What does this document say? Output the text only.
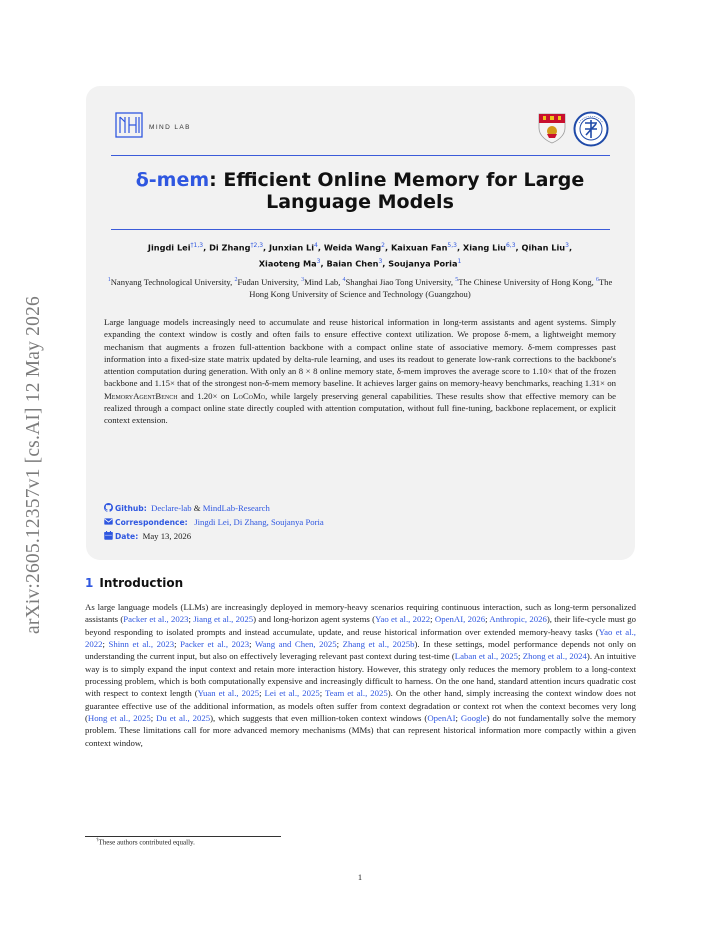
arXiv:2605.12357v1 [cs.AI] 12 May 2026
MIND LAB
δ-mem: Efficient Online Memory for Large Language Models
Jingdi Lei$^{\dagger 1,3}$, Di Zhang$^{\dagger 2,3}$, Junxian Li$^4$, Weida Wang$^2$, Kaixuan Fan$^{5,3}$, Xiang Liu$^{6,3}$, Qihan Liu$^3$,
Xiaoteng Ma$^3$, Baian Chen$^3$, Soujanya Poria$^1$
$^1$Nanyang Technological University, $^2$Fudan University, $^3$Mind Lab, $^4$Shanghai Jiao Tong University, $^5$The Chinese University of Hong Kong, $^6$The Hong Kong University of Science and Technology (Guangzhou)
Large language models increasingly need to accumulate and reuse historical information in long-term assistants and agent systems. Simply expanding the context window is costly and often fails to ensure effective context utilization. We propose δ-mem, a lightweight memory mechanism that augments a frozen full-attention backbone with a compact online state of associative memory. δ-mem compresses past information into a fixed-size state matrix updated by delta-rule learning, and uses its readout to generate low-rank corrections to the backbone's attention computation during generation. With only an 8 × 8 online memory state, δ-mem improves the average score to 1.10× that of the frozen backbone and 1.15× that of the strongest non-δ-mem memory baseline. It achieves larger gains on memory-heavy benchmarks, reaching 1.31× on MemoryAgentBench and 1.20× on LoCoMo, while largely preserving general capabilities. These results show that effective memory can be realized through a compact online state directly coupled with attention computation, without full fine-tuning, backbone replacement, or explicit context extension.
Github: Declare-lab & MindLab-Research
Correspondence: Jingdi Lei, Di Zhang, Soujanya Poria
Date: May 13, 2026
1 Introduction
As large language models (LLMs) are increasingly deployed in memory-heavy scenarios requiring continuous interaction, such as long-term personalized assistants (Packer et al., 2023; Jiang et al., 2025) and long-horizon agent systems (Yao et al., 2022; OpenAI, 2026; Anthropic, 2026), their life-cycle must go beyond responding to isolated prompts and instead accumulate, update, and reuse historical information over extended memory-heavy tasks (Yao et al., 2022; Shinn et al., 2023; Packer et al., 2023; Wang and Chen, 2025; Zhang et al., 2025b). In these settings, model performance depends not only on understanding the current input, but also on effectively leveraging relevant past context during test-time (Laban et al., 2025; Zhong et al., 2024). An intuitive way is to simply expand the input context and retain more interaction history. However, this strategy only reduces the memory problem to a long-context processing problem, which is both computationally expensive and increasingly difficult to harness. On the one hand, standard attention incurs quadratic cost with respect to context length (Yuan et al., 2025; Lei et al., 2025; Team et al., 2025). On the other hand, simply increasing the context window does not guarantee effective use of the additional information, as models often suffer from context degradation or context rot when the context becomes very long (Hong et al., 2025; Du et al., 2025), which suggests that even million-token context windows (OpenAI; Google) do not fundamentally solve the memory problem. These limitations call for more advanced memory mechanisms (MMs) that can represent historical information more compactly within a given context window,
†These authors contributed equally.
1
